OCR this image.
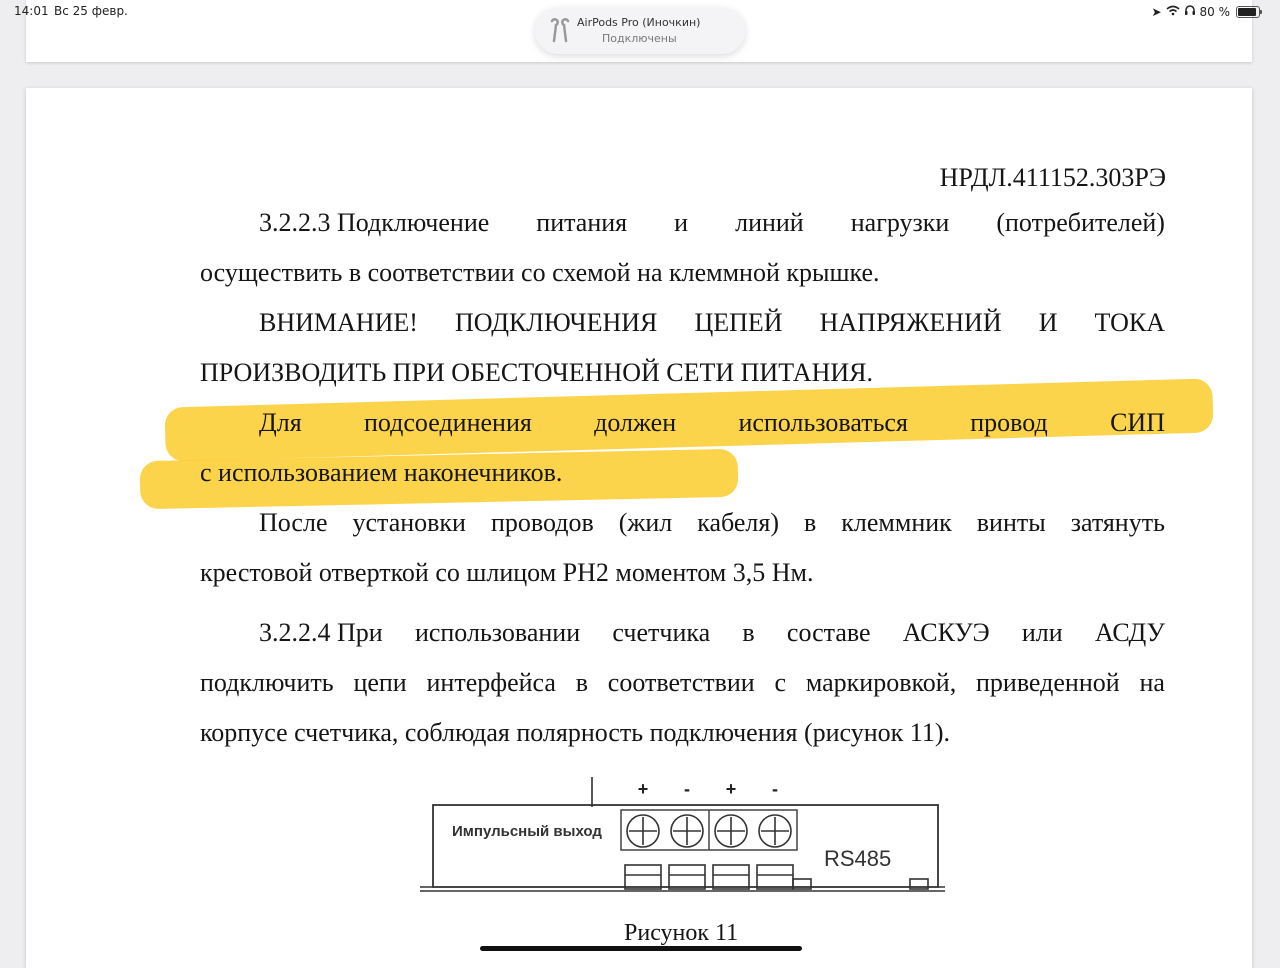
14:01 Вс 25 февр.	➤	80 %
AirPods Pro (Иночкин)
Подключены
НРДЛ.411152.303РЭ
3.2.2.3 Подключение питания и линий нагрузки (потребителей)
осуществить в соответствии со схемой на клеммной крышке.
ВНИМАНИЕ! ПОДКЛЮЧЕНИЯ ЦЕПЕЙ НАПРЯЖЕНИЙ И ТОКА
ПРОИЗВОДИТЬ ПРИ ОБЕСТОЧЕННОЙ СЕТИ ПИТАНИЯ.
Для подсоединения должен использоваться провод СИП
с использованием наконечников.
После установки проводов (жил кабеля) в клеммник винты затянуть
крестовой отверткой со шлицом РН2 моментом 3,5 Нм.
3.2.2.4 При использовании счетчика в составе АСКУЭ или АСДУ
подключить цепи интерфейса в соответствии с маркировкой, приведенной на
корпусе счетчика, соблюдая полярность подключения (рисунок 11).
Импульсный выход
RS485
+	-	+	-
Рисунок 11
